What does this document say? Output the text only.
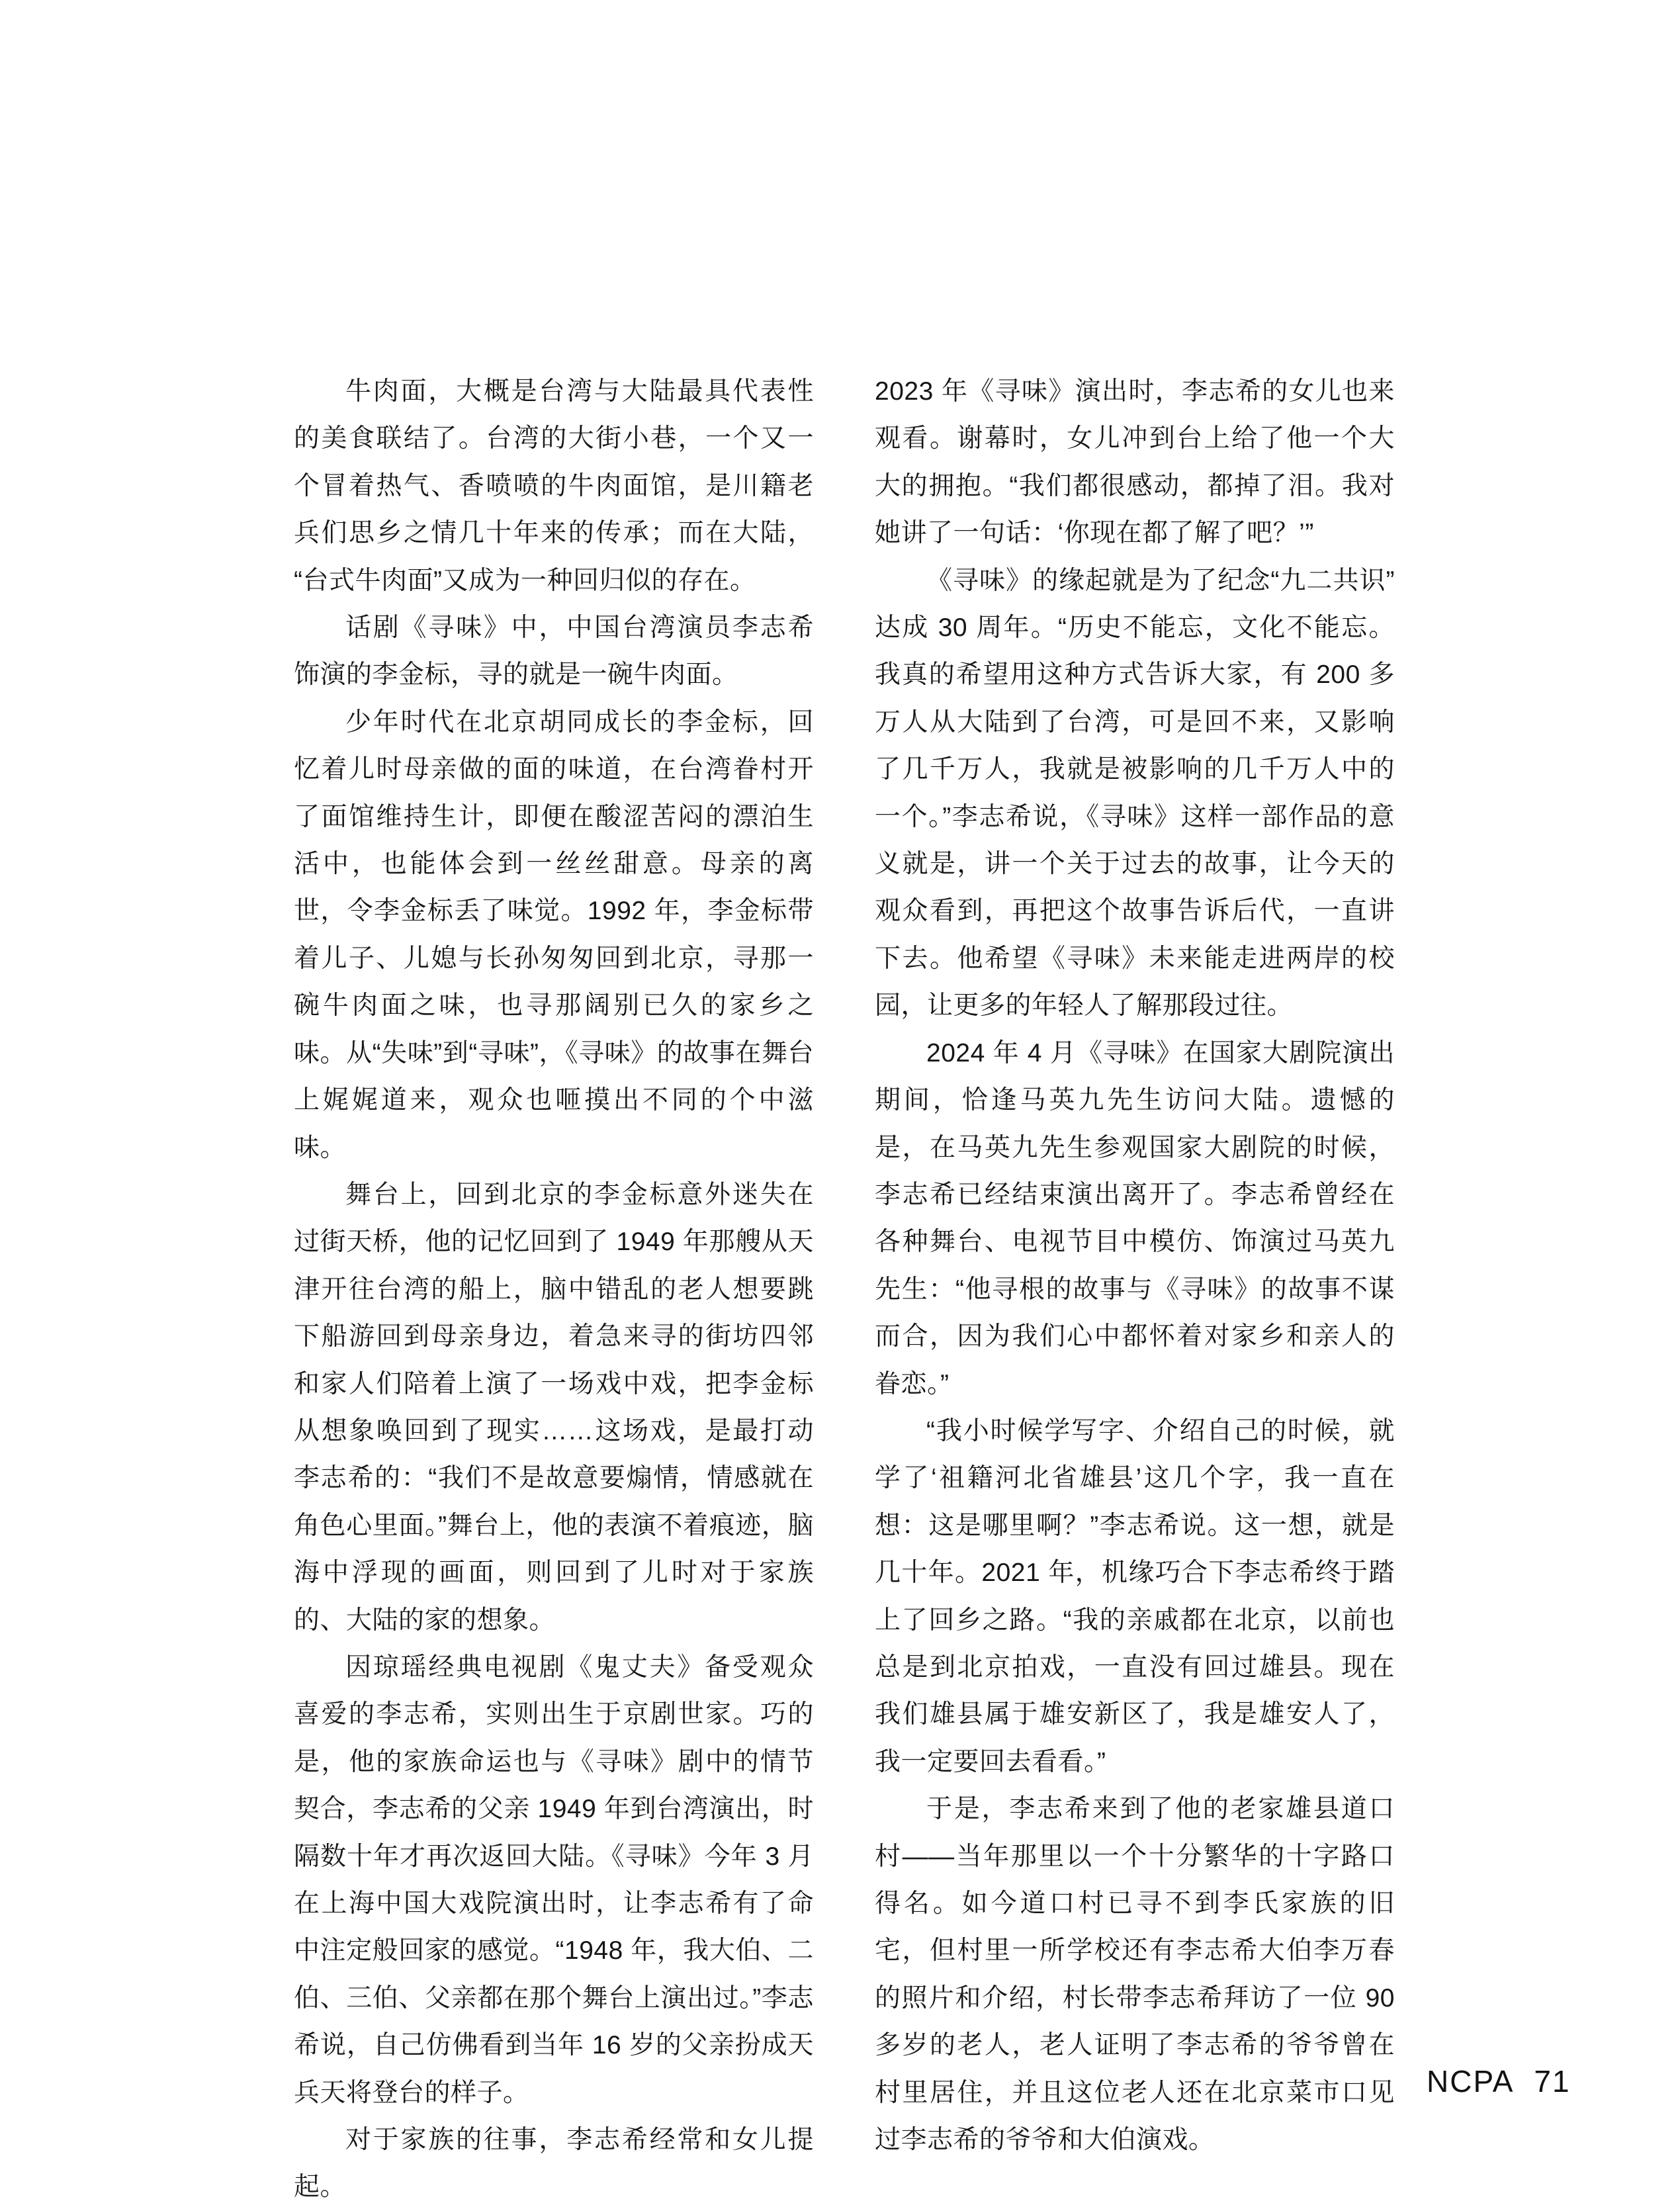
牛肉面，大概是台湾与大陆最具代表性的美食联结了。台湾的大街小巷，一个又一个冒着热气、香喷喷的牛肉面馆，是川籍老兵们思乡之情几十年来的传承；而在大陆，“台式牛肉面”又成为一种回归似的存在。

话剧《寻味》中，中国台湾演员李志希饰演的李金标，寻的就是一碗牛肉面。

少年时代在北京胡同成长的李金标，回忆着儿时母亲做的面的味道，在台湾眷村开了面馆维持生计，即便在酸涩苦闷的漂泊生活中，也能体会到一丝丝甜意。母亲的离世，令李金标丢了味觉。1992 年，李金标带着儿子、儿媳与长孙匆匆回到北京，寻那一碗牛肉面之味，也寻那阔别已久的家乡之味。从“失味”到“寻味”，《寻味》的故事在舞台上娓娓道来，观众也咂摸出不同的个中滋味。

舞台上，回到北京的李金标意外迷失在过街天桥，他的记忆回到了 1949 年那艘从天津开往台湾的船上，脑中错乱的老人想要跳下船游回到母亲身边，着急来寻的街坊四邻和家人们陪着上演了一场戏中戏，把李金标从想象唤回到了现实……这场戏，是最打动李志希的：“我们不是故意要煽情，情感就在角色心里面。”舞台上，他的表演不着痕迹，脑海中浮现的画面，则回到了儿时对于家族的、大陆的家的想象。

因琼瑶经典电视剧《鬼丈夫》备受观众喜爱的李志希，实则出生于京剧世家。巧的是，他的家族命运也与《寻味》剧中的情节契合，李志希的父亲 1949 年到台湾演出，时隔数十年才再次返回大陆。《寻味》今年 3 月在上海中国大戏院演出时，让李志希有了命中注定般回家的感觉。“1948 年，我大伯、二伯、三伯、父亲都在那个舞台上演出过。”李志希说，自己仿佛看到当年 16 岁的父亲扮成天兵天将登台的样子。

对于家族的往事，李志希经常和女儿提起。

2023 年《寻味》演出时，李志希的女儿也来观看。谢幕时，女儿冲到台上给了他一个大大的拥抱。“我们都很感动，都掉了泪。我对她讲了一句话：‘你现在都了解了吧？’”

《寻味》的缘起就是为了纪念“九二共识”达成 30 周年。“历史不能忘，文化不能忘。我真的希望用这种方式告诉大家，有 200 多万人从大陆到了台湾，可是回不来，又影响了几千万人，我就是被影响的几千万人中的一个。”李志希说，《寻味》这样一部作品的意义就是，讲一个关于过去的故事，让今天的观众看到，再把这个故事告诉后代，一直讲下去。他希望《寻味》未来能走进两岸的校园，让更多的年轻人了解那段过往。

2024 年 4 月《寻味》在国家大剧院演出期间，恰逢马英九先生访问大陆。遗憾的是，在马英九先生参观国家大剧院的时候，李志希已经结束演出离开了。李志希曾经在各种舞台、电视节目中模仿、饰演过马英九先生：“他寻根的故事与《寻味》的故事不谋而合，因为我们心中都怀着对家乡和亲人的眷恋。”

“我小时候学写字、介绍自己的时候，就学了‘祖籍河北省雄县’这几个字，我一直在想：这是哪里啊？”李志希说。这一想，就是几十年。2021 年，机缘巧合下李志希终于踏上了回乡之路。“我的亲戚都在北京，以前也总是到北京拍戏，一直没有回过雄县。现在我们雄县属于雄安新区了，我是雄安人了，我一定要回去看看。”

于是，李志希来到了他的老家雄县道口村——当年那里以一个十分繁华的十字路口得名。如今道口村已寻不到李氏家族的旧宅，但村里一所学校还有李志希大伯李万春的照片和介绍，村长带李志希拜访了一位 90 多岁的老人，老人证明了李志希的爷爷曾在村里居住，并且这位老人还在北京菜市口见过李志希的爷爷和大伯演戏。

NCPA 71
